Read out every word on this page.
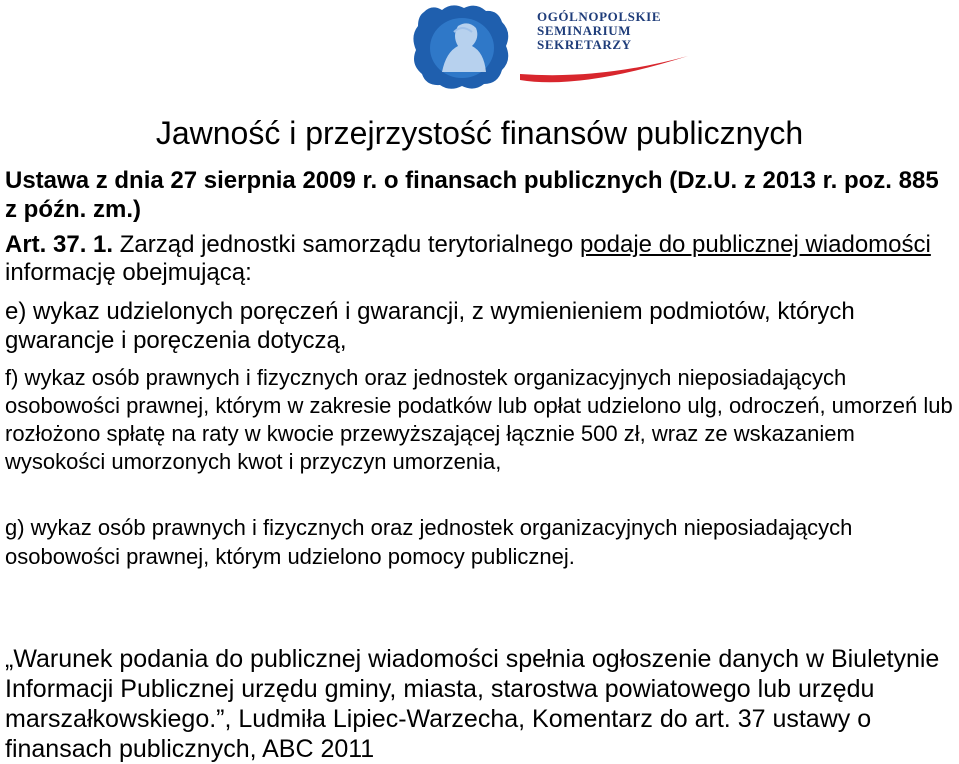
OGÓLNOPOLSKIE
SEMINARIUM
SEKRETARZY
Jawność i przejrzystość finansów publicznych
Ustawa z dnia 27 sierpnia 2009 r. o finansach publicznych (Dz.U. z 2013 r. poz. 885 z późn. zm.)
Art. 37. 1. Zarząd jednostki samorządu terytorialnego podaje do publicznej wiadomości informację obejmującą:
e) wykaz udzielonych poręczeń i gwarancji, z wymienieniem podmiotów, których gwarancje i poręczenia dotyczą,
f) wykaz osób prawnych i fizycznych oraz jednostek organizacyjnych nieposiadających osobowości prawnej, którym w zakresie podatków lub opłat udzielono ulg, odroczeń, umorzeń lub rozłożono spłatę na raty w kwocie przewyższającej łącznie 500 zł, wraz ze wskazaniem wysokości umorzonych kwot i przyczyn umorzenia,
g) wykaz osób prawnych i fizycznych oraz jednostek organizacyjnych nieposiadających osobowości prawnej, którym udzielono pomocy publicznej.
„Warunek podania do publicznej wiadomości spełnia ogłoszenie danych w Biuletynie Informacji Publicznej urzędu gminy, miasta, starostwa powiatowego lub urzędu marszałkowskiego.”, Ludmiła Lipiec-Warzecha, Komentarz do art. 37 ustawy o finansach publicznych, ABC 2011
